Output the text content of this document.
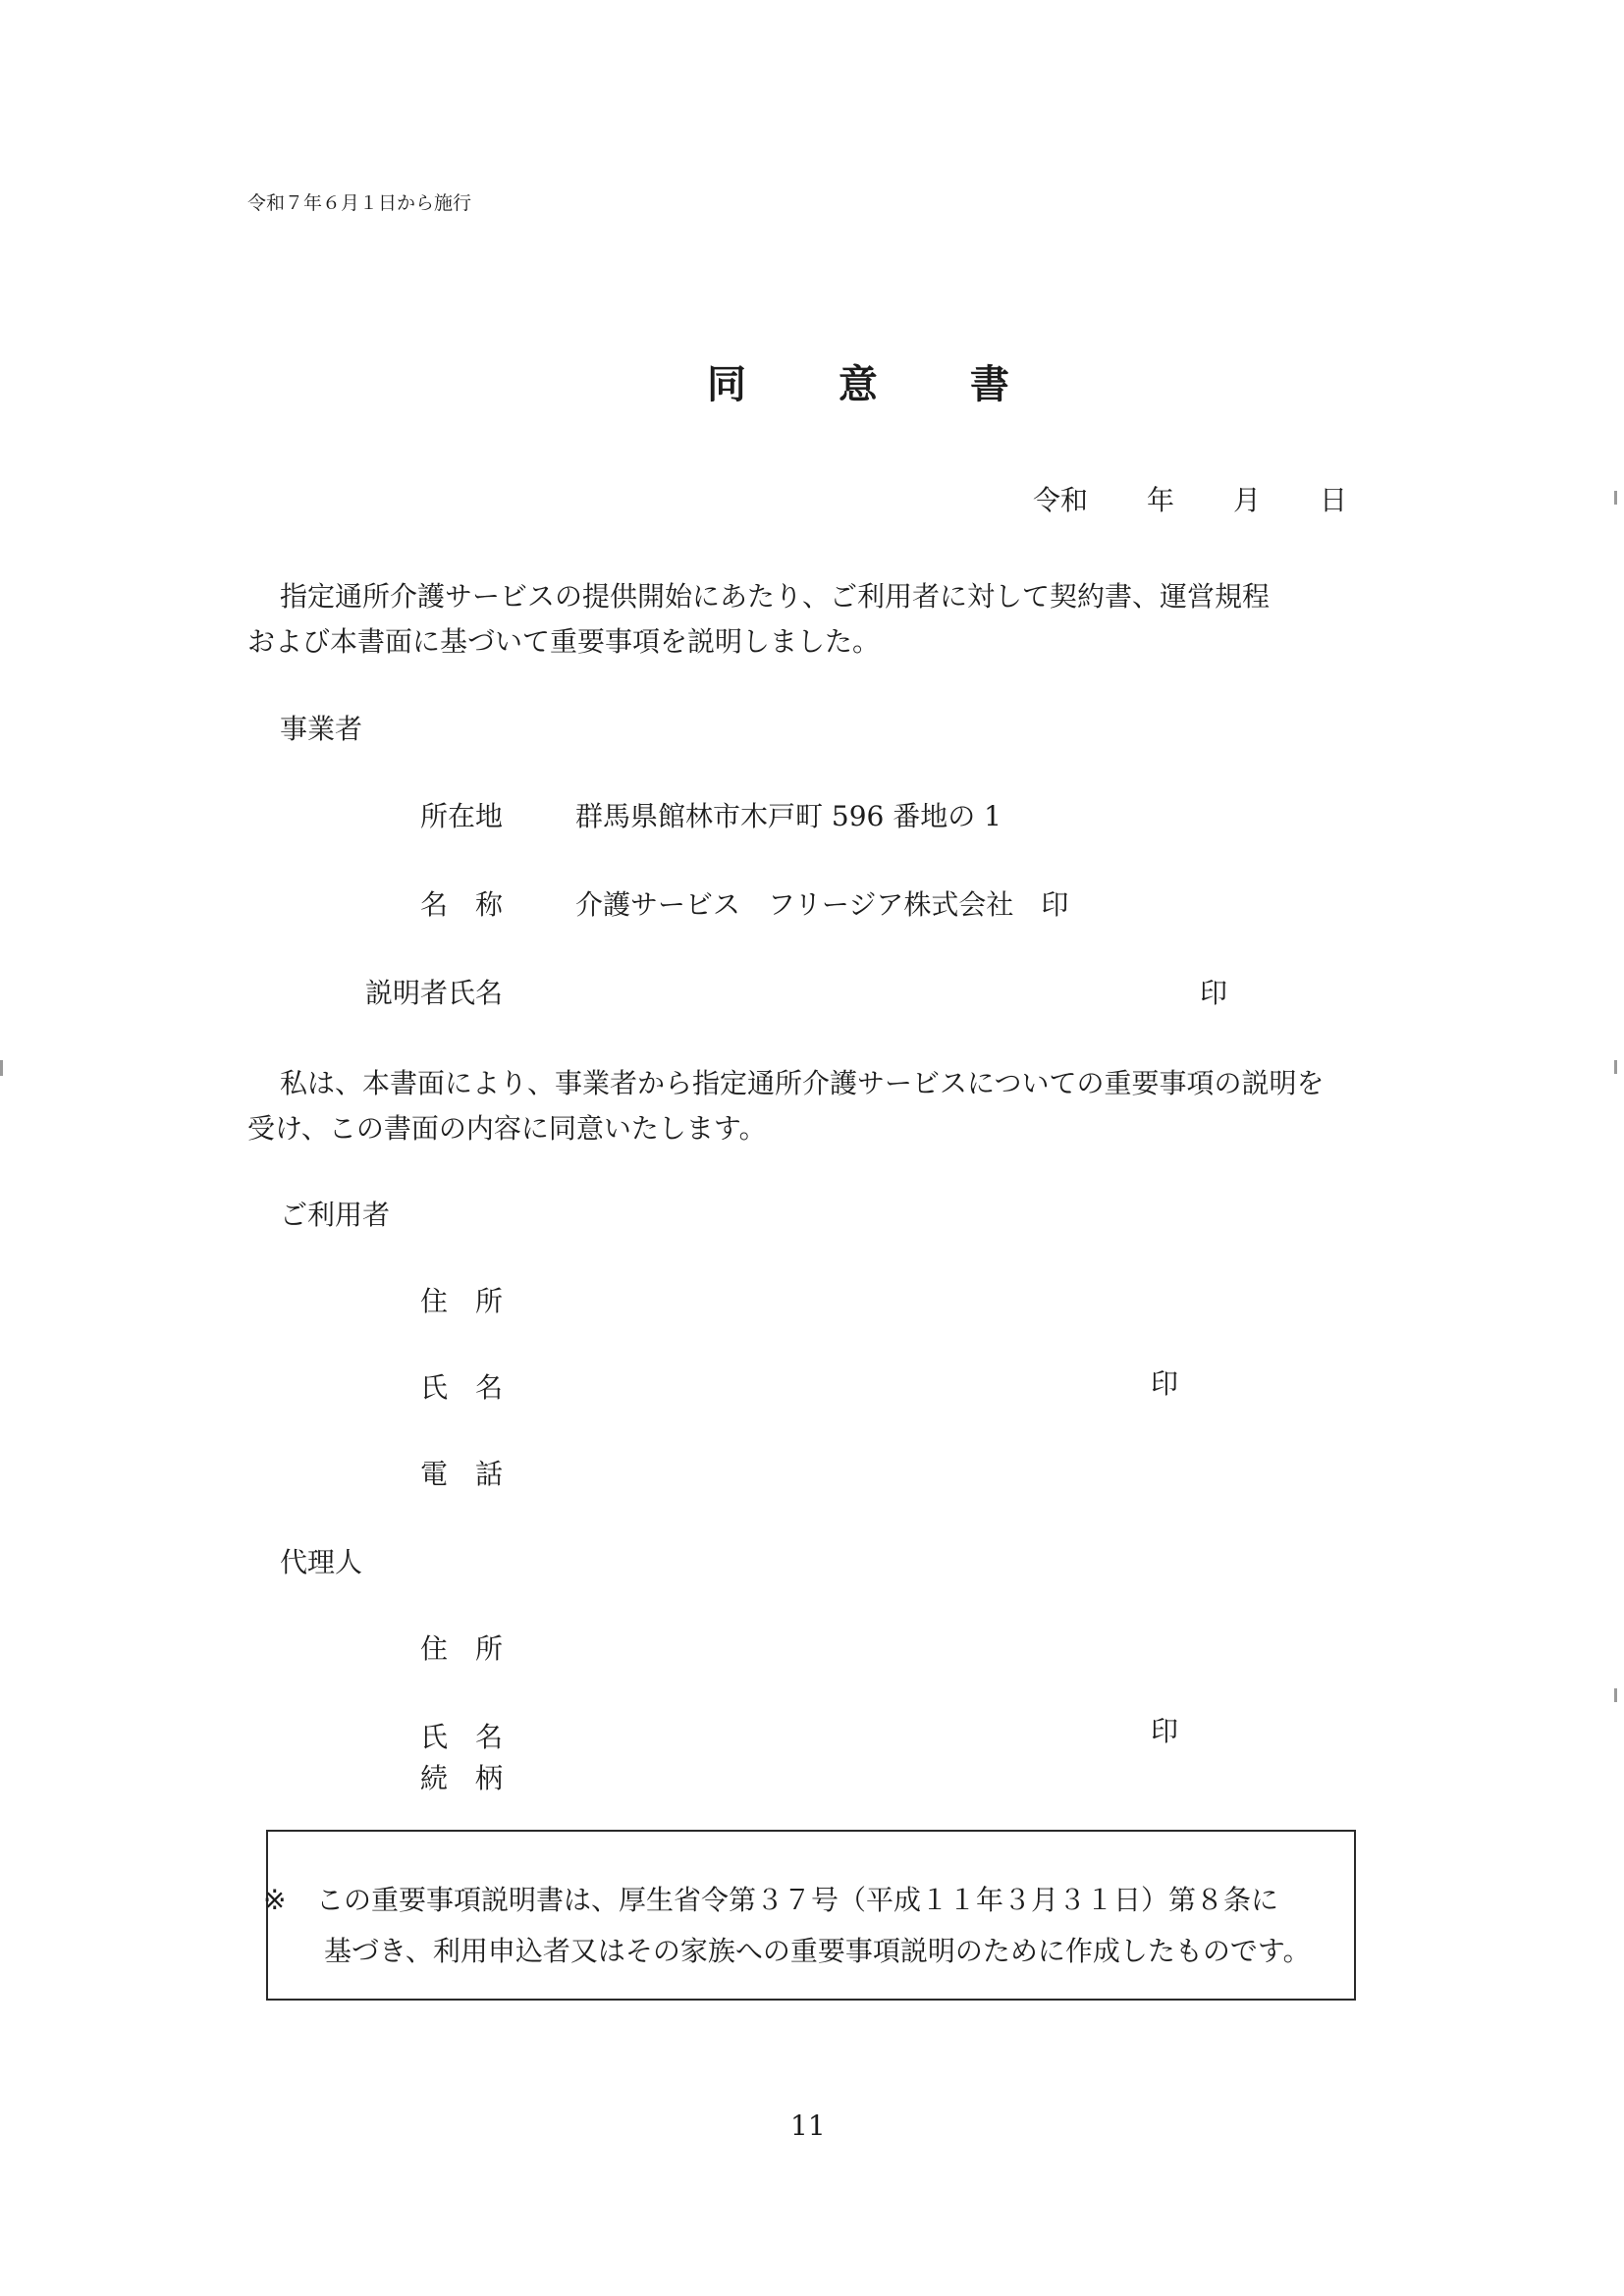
令和７年６月１日から施行
同 意 書
令和 年 月 日
指定通所介護サービスの提供開始にあたり、ご利用者に対して契約書、運営規程
および本書面に基づいて重要事項を説明しました。
事業者
所在地	群馬県館林市木戸町 596 番地の 1
名　称	介護サービス　フリージア株式会社　印
説明者氏名	印
私は、本書面により、事業者から指定通所介護サービスについての重要事項の説明を
受け、この書面の内容に同意いたします。
ご利用者
住　所
氏　名	印
電　話
代理人
住　所
氏　名	印
続　柄
※ この重要事項説明書は、厚生省令第３７号（平成１１年３月３１日）第８条に
基づき、利用申込者又はその家族への重要事項説明のために作成したものです。
11
